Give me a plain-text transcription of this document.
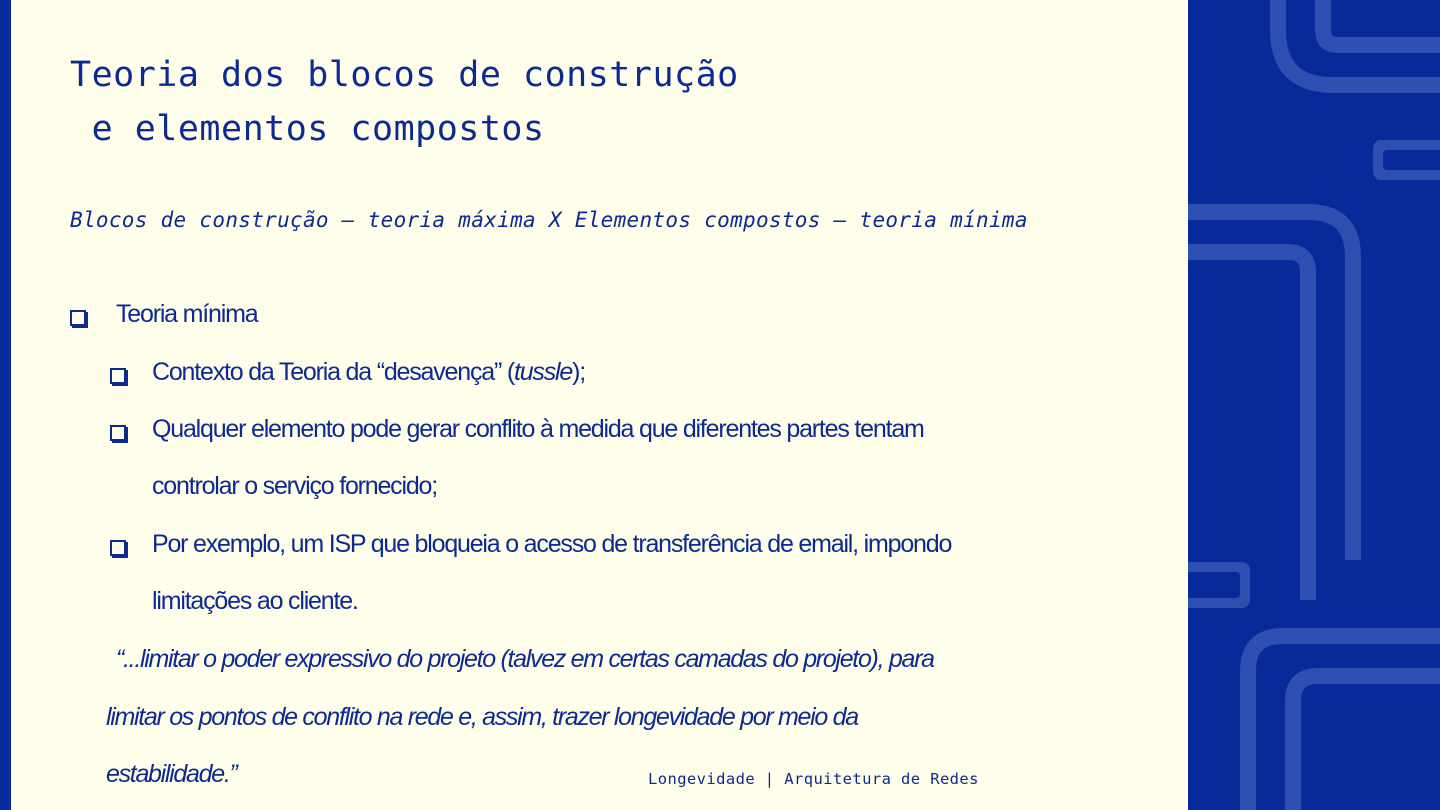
Teoria dos blocos de construção
e elementos compostos

Blocos de construção – teoria máxima X Elementos compostos – teoria mínima

Teoria mínima
Contexto da Teoria da “desavença” (tussle);
Qualquer elemento pode gerar conflito à medida que diferentes partes tentam
controlar o serviço fornecido;
Por exemplo, um ISP que bloqueia o acesso de transferência de email, impondo
limitações ao cliente.
“...limitar o poder expressivo do projeto (talvez em certas camadas do projeto), para
limitar os pontos de conflito na rede e, assim, trazer longevidade por meio da
estabilidade.”	Longevidade | Arquitetura de Redes
